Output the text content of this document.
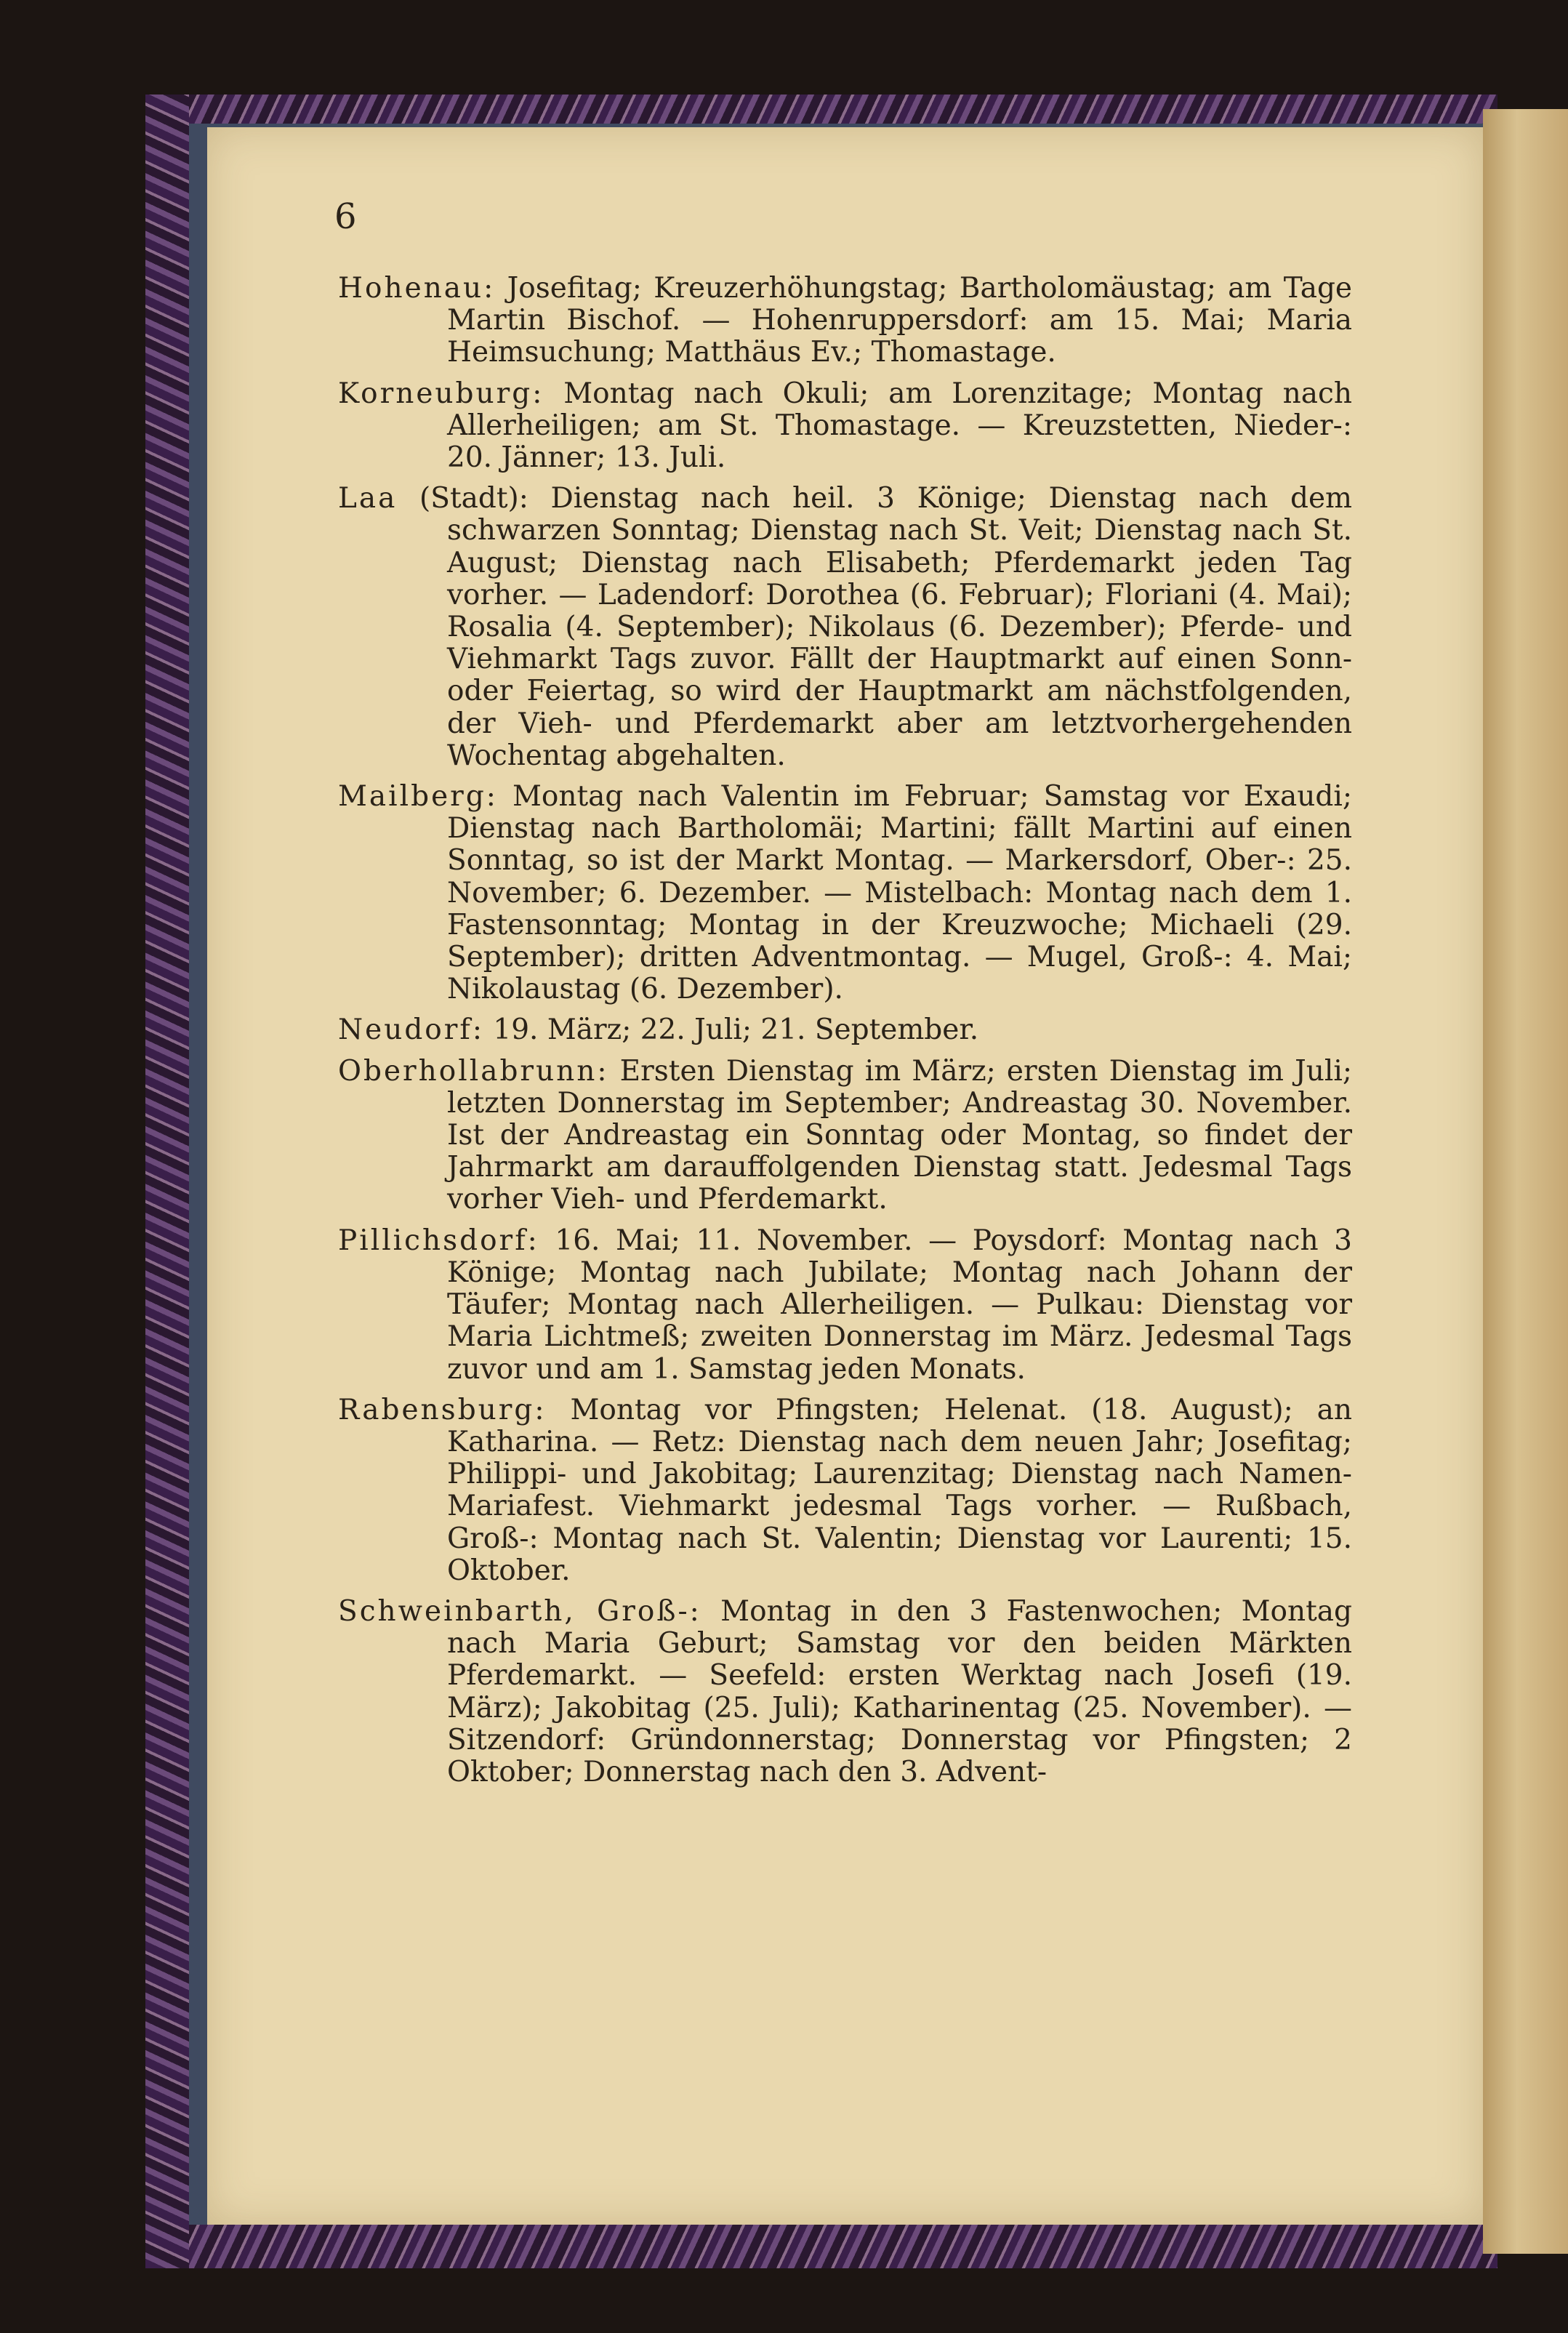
6

Hohenau: Josefitag; Kreuzerhöhungstag; Bartholomäustag; am Tage Martin Bischof. — Hohenruppersdorf: am 15. Mai; Maria Heimsuchung; Matthäus Ev.; Thomastage.

Korneuburg: Montag nach Okuli; am Lorenzitage; Montag nach Allerheiligen; am St. Thomastage. — Kreuzstetten, Nieder-: 20. Jänner; 13. Juli.

Laa (Stadt): Dienstag nach heil. 3 Könige; Dienstag nach dem schwarzen Sonntag; Dienstag nach St. Veit; Dienstag nach St. August; Dienstag nach Elisabeth; Pferdemarkt jeden Tag vorher. — Ladendorf: Dorothea (6. Februar); Floriani (4. Mai); Rosalia (4. September); Nikolaus (6. Dezember); Pferde- und Viehmarkt Tags zuvor. Fällt der Hauptmarkt auf einen Sonn- oder Feiertag, so wird der Hauptmarkt am nächstfolgenden, der Vieh- und Pferdemarkt aber am letztvorhergehenden Wochentag abgehalten.

Mailberg: Montag nach Valentin im Februar; Samstag vor Exaudi; Dienstag nach Bartholomäi; Martini; fällt Martini auf einen Sonntag, so ist der Markt Montag. — Markersdorf, Ober-: 25. November; 6. Dezember. — Mistelbach: Montag nach dem 1. Fastensonntag; Montag in der Kreuzwoche; Michaeli (29. September); dritten Adventmontag. — Mugel, Groß-: 4. Mai; Nikolaustag (6. Dezember).

Neudorf: 19. März; 22. Juli; 21. September.

Oberhollabrunn: Ersten Dienstag im März; ersten Dienstag im Juli; letzten Donnerstag im September; Andreastag 30. November. Ist der Andreastag ein Sonntag oder Montag, so findet der Jahrmarkt am darauffolgenden Dienstag statt. Jedesmal Tags vorher Vieh- und Pferdemarkt.

Pillichsdorf: 16. Mai; 11. November. — Poysdorf: Montag nach 3 Könige; Montag nach Jubilate; Montag nach Johann der Täufer; Montag nach Allerheiligen. — Pulkau: Dienstag vor Maria Lichtmeß; zweiten Donnerstag im März. Jedesmal Tags zuvor und am 1. Samstag jeden Monats.

Rabensburg: Montag vor Pfingsten; Helenat. (18. August); an Katharina. — Retz: Dienstag nach dem neuen Jahr; Josefitag; Philippi- und Jakobitag; Laurenzitag; Dienstag nach Namen-Mariafest. Viehmarkt jedesmal Tags vorher. — Rußbach, Groß-: Montag nach St. Valentin; Dienstag vor Laurenti; 15. Oktober.

Schweinbarth, Groß-: Montag in den 3 Fastenwochen; Montag nach Maria Geburt; Samstag vor den beiden Märkten Pferdemarkt. — Seefeld: ersten Werktag nach Josefi (19. März); Jakobitag (25. Juli); Katharinentag (25. November). — Sitzendorf: Gründonnerstag; Donnerstag vor Pfingsten; 2 Oktober; Donnerstag nach den 3. Advent-
